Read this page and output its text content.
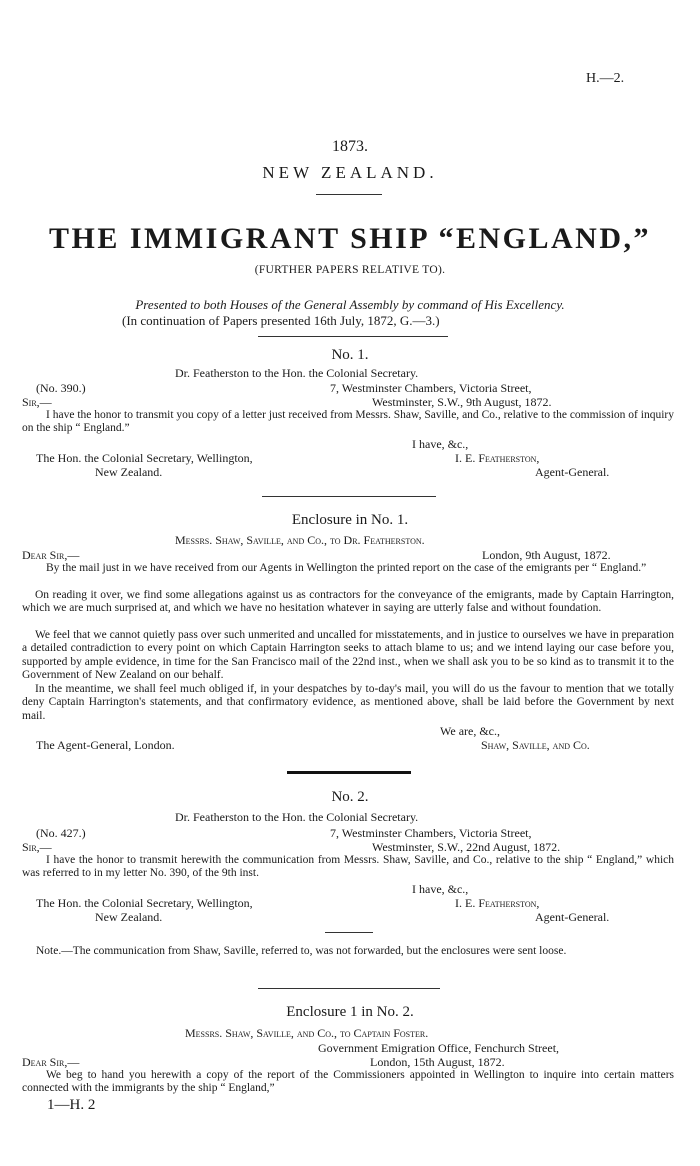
H.—2.
1873.
NEW ZEALAND.
THE IMMIGRANT SHIP “ENGLAND,”
(FURTHER PAPERS RELATIVE TO).
Presented to both Houses of the General Assembly by command of His Excellency.
(In continuation of Papers presented 16th July, 1872, G.—3.)
No. 1.
Dr. Featherston to the Hon. the Colonial Secretary.
(No. 390.)	7, Westminster Chambers, Victoria Street,
Sir,—	Westminster, S.W., 9th August, 1872.
I have the honor to transmit you copy of a letter just received from Messrs. Shaw, Saville, and Co., relative to the commission of inquiry on the ship “ England.”
I have, &c.,
The Hon. the Colonial Secretary, Wellington,	I. E. Featherston,
New Zealand.	Agent-General.
Enclosure in No. 1.
Messrs. Shaw, Saville, and Co., to Dr. Featherston.
Dear Sir,—	London, 9th August, 1872.
By the mail just in we have received from our Agents in Wellington the printed report on the case of the emigrants per “ England.”
On reading it over, we find some allegations against us as contractors for the conveyance of the emigrants, made by Captain Harrington, which we are much surprised at, and which we have no hesitation whatever in saying are utterly false and without foundation.
We feel that we cannot quietly pass over such unmerited and uncalled for misstatements, and in justice to ourselves we have in preparation a detailed contradiction to every point on which Captain Harrington seeks to attach blame to us; and we intend laying our case before you, supported by ample evidence, in time for the San Francisco mail of the 22nd inst., when we shall ask you to be so kind as to transmit it to the Government of New Zealand on our behalf.
In the meantime, we shall feel much obliged if, in your despatches by to-day's mail, you will do us the favour to mention that we totally deny Captain Harrington's statements, and that confirmatory evidence, as mentioned above, shall be laid before the Government by next mail.
We are, &c.,
The Agent-General, London.	Shaw, Saville, and Co.
No. 2.
Dr. Featherston to the Hon. the Colonial Secretary.
(No. 427.)	7, Westminster Chambers, Victoria Street,
Sir,—	Westminster, S.W., 22nd August, 1872.
I have the honor to transmit herewith the communication from Messrs. Shaw, Saville, and Co., relative to the ship “ England,” which was referred to in my letter No. 390, of the 9th inst.
I have, &c.,
The Hon. the Colonial Secretary, Wellington,	I. E. Featherston,
New Zealand.	Agent-General.
Note.—The communication from Shaw, Saville, referred to, was not forwarded, but the enclosures were sent loose.
Enclosure 1 in No. 2.
Messrs. Shaw, Saville, and Co., to Captain Foster.
Government Emigration Office, Fenchurch Street,
Dear Sir,—	London, 15th August, 1872.
We beg to hand you herewith a copy of the report of the Commissioners appointed in Wellington to inquire into certain matters connected with the immigrants by the ship “ England,”
1—H. 2
